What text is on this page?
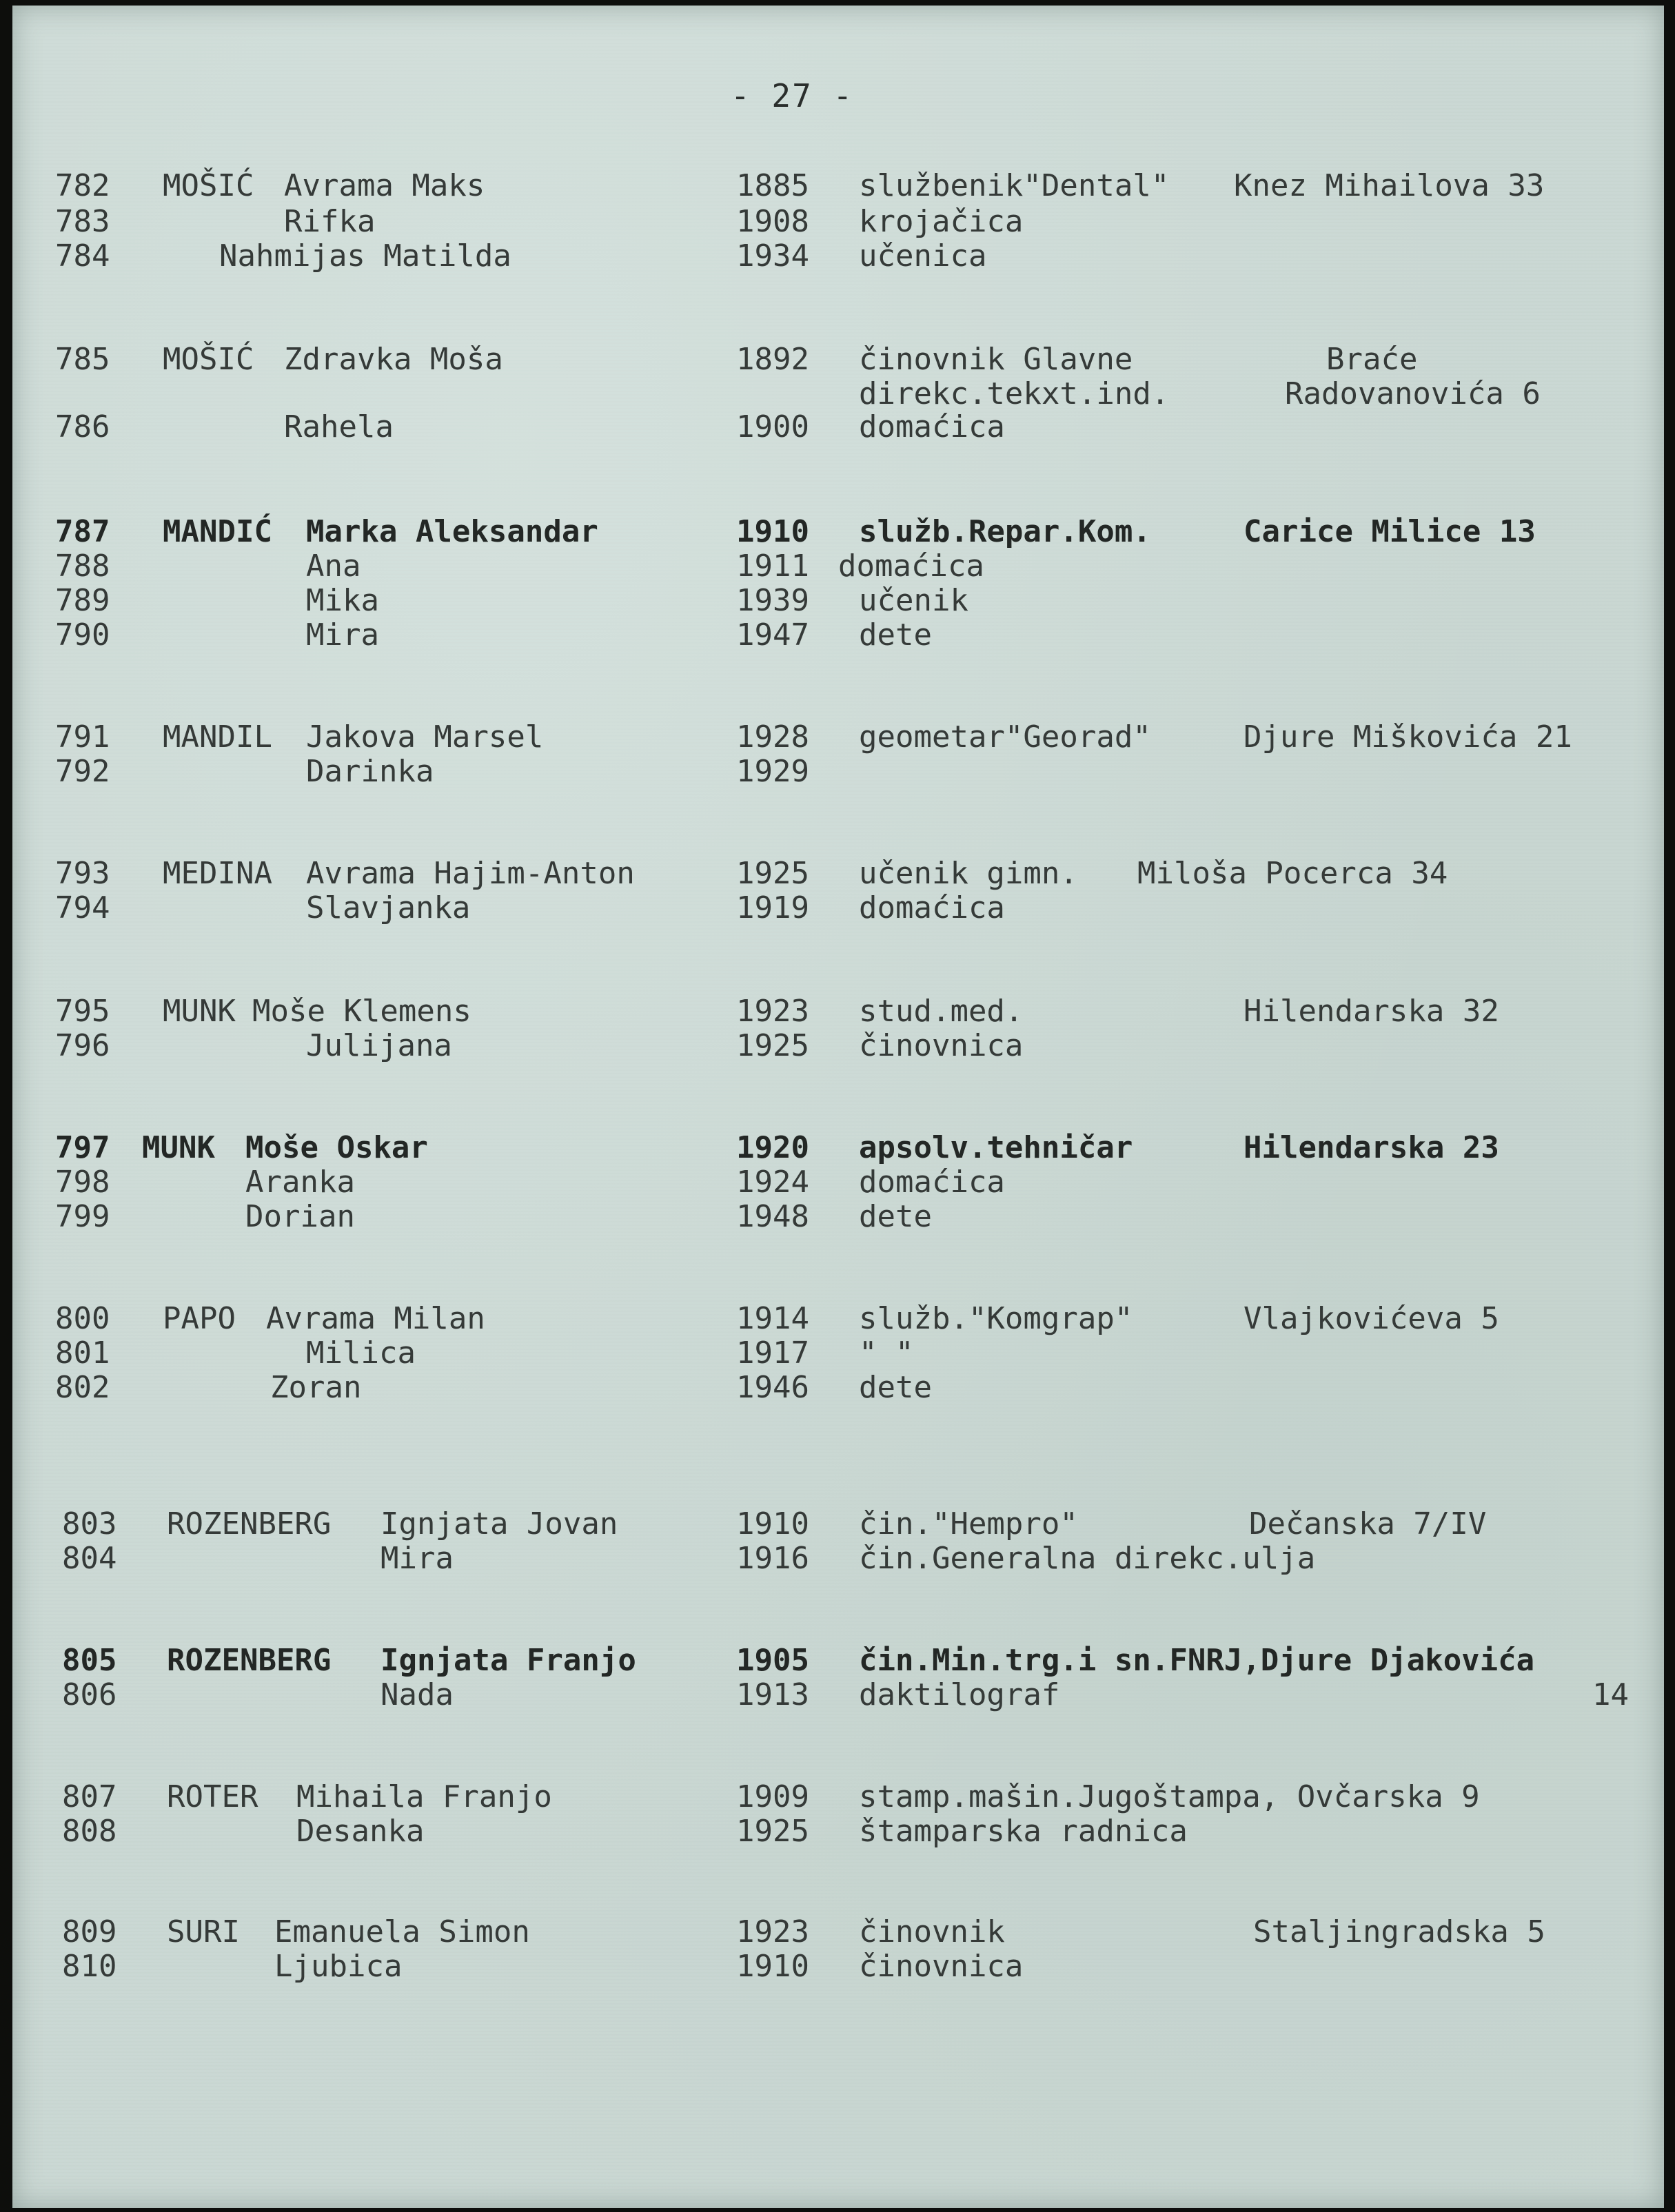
- 27 -
782 MOŠIĆ Avrama Maks	1885 službenik"Dental" Knez Mihailova 33
783	Rifka	1908 krojačica
784	Nahmijas Matilda	1934 učenica
785 MOŠIĆ Zdravka Moša	1892 činovnik Glavne	Braće
direkc.tekxt.ind.	Radovanovića 6
786	Rahela	1900 domaćica
787 MANDIĆ Marka Aleksandar	1910 služb.Repar.Kom.	Carice Milice 13
788	Ana	1911 domaćica
789	Mika	1939 učenik
790	Mira	1947 dete
791 MANDIL Jakova Marsel	1928 geometar"Georad"	Djure Miškovića 21
792	Darinka	1929
793 MEDINA Avrama Hajim-Anton	1925 učenik gimn. Miloša Pocerca 34
794	Slavjanka	1919 domaćica
795 MUNK Moše Klemens	1923 stud.med.	Hilendarska 32
796	Julijana	1925 činovnica
797 MUNK Moše Oskar	1920 apsolv.tehničar	Hilendarska 23
798	Aranka	1924 domaćica
799	Dorian	1948 dete
800 PAPO Avrama Milan	1914 služb."Komgrap"	Vlajkovićeva 5
801	Milica	1917 " "
802	Zoran	1946 dete
803 ROZENBERG Ignjata Jovan	1910 čin."Hempro"	Dečanska 7/IV
804	Mira	1916 čin.Generalna direkc.ulja
805 ROZENBERG Ignjata Franjo	1905 čin.Min.trg.i sn.FNRJ,Djure Djakovića
806	Nada	1913 daktilograf	14
807 ROTER Mihaila Franjo	1909 stamp.mašin.Jugoštampa, Ovčarska 9
808	Desanka	1925 štamparska radnica
809 SURI Emanuela Simon	1923 činovnik	Staljingradska 5
810	Ljubica	1910 činovnica
